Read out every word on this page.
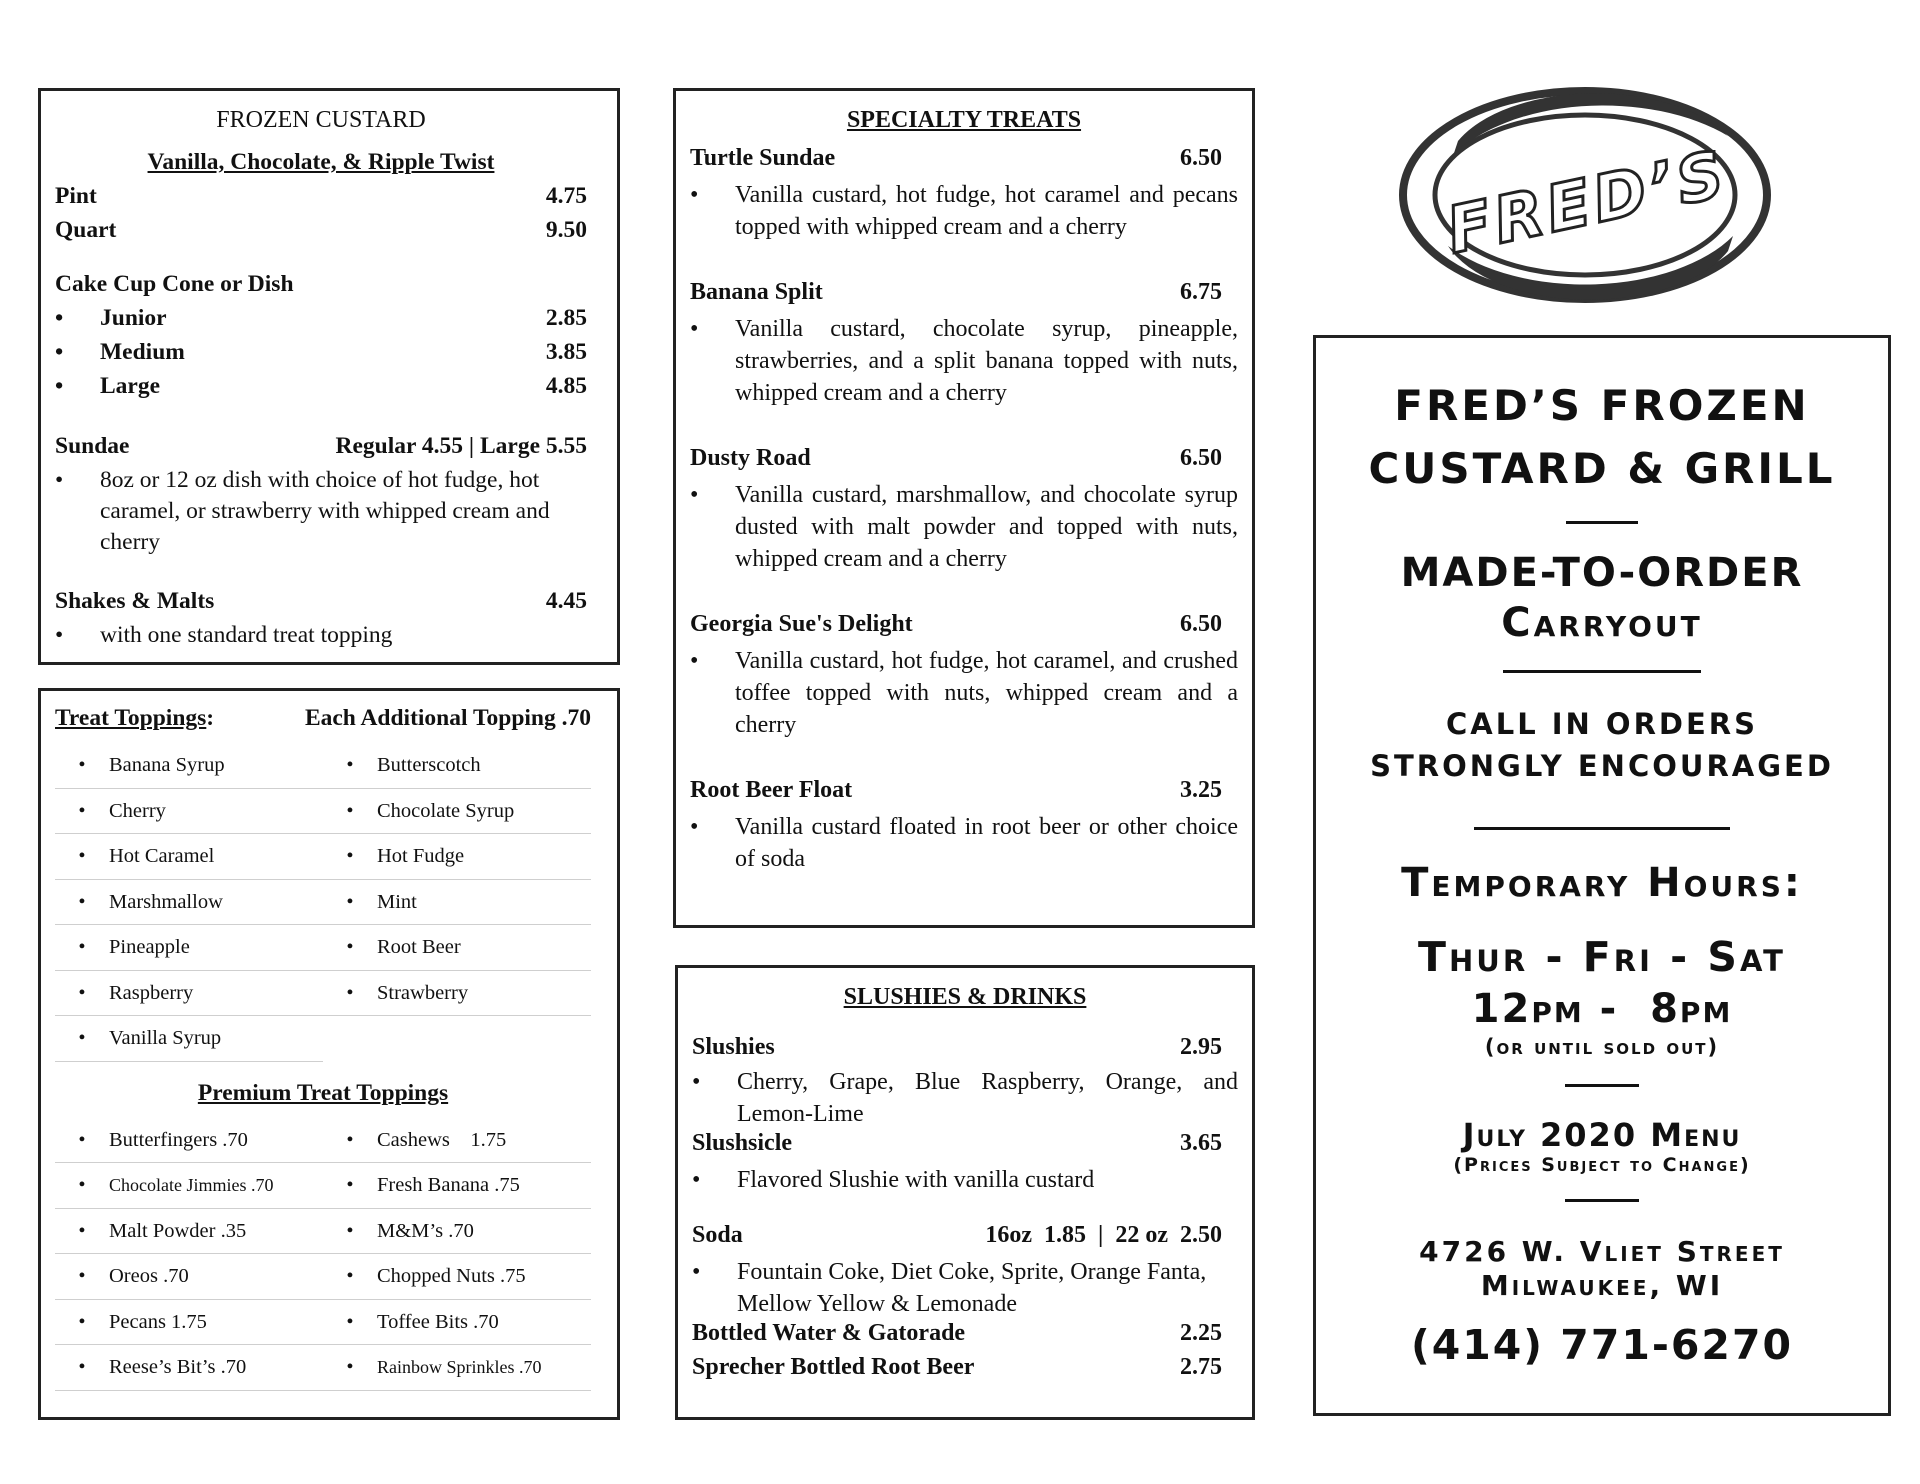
FROZEN CUSTARD
Vanilla, Chocolate, & Ripple Twist
Pint	4.75
Quart	9.50
Cake Cup Cone or Dish
•	Junior	2.85
•	Medium	3.85
•	Large	4.85
Sundae	Regular 4.55 | Large 5.55
•	8oz or 12 oz dish with choice of hot fudge, hot caramel, or strawberry with whipped cream and cherry
Shakes & Malts	4.45
•	with one standard treat topping
Treat Toppings:	Each Additional Topping .70
•	Banana Syrup	•	Butterscotch
•	Cherry	•	Chocolate Syrup
•	Hot Caramel	•	Hot Fudge
•	Marshmallow	•	Mint
•	Pineapple	•	Root Beer
•	Raspberry	•	Strawberry
•	Vanilla Syrup
Premium Treat Toppings
•	Butterfingers .70	•	Cashews    1.75
•	Chocolate Jimmies .70	•	Fresh Banana .75
•	Malt Powder .35	•	M&M’s .70
•	Oreos .70	•	Chopped Nuts .75
•	Pecans 1.75	•	Toffee Bits .70
•	Reese’s Bit’s .70	•	Rainbow Sprinkles .70
SPECIALTY TREATS
Turtle Sundae	6.50
•	Vanilla custard, hot fudge, hot caramel and pecans topped with whipped cream and a cherry
Banana Split	6.75
•	Vanilla custard, chocolate syrup, pineapple, strawberries, and a split banana topped with nuts, whipped cream and a cherry
Dusty Road	6.50
•	Vanilla custard, marshmallow, and chocolate syrup dusted with malt powder and topped with nuts, whipped cream and a cherry
Georgia Sue's Delight	6.50
•	Vanilla custard, hot fudge, hot caramel, and crushed toffee topped with nuts, whipped cream and a cherry
Root Beer Float	3.25
•	Vanilla custard floated in root beer or other choice of soda
SLUSHIES & DRINKS
Slushies	2.95
•	Cherry, Grape, Blue Raspberry, Orange, and Lemon-Lime
Slushsicle	3.65
•	Flavored Slushie with vanilla custard
Soda	16oz  1.85  |  22 oz  2.50
•	Fountain Coke, Diet Coke, Sprite, Orange Fanta, Mellow Yellow & Lemonade
Bottled Water & Gatorade	2.25
Sprecher Bottled Root Beer	2.75
FRED’S
FRED’S FROZEN
CUSTARD & GRILL
MADE-TO-ORDER
Carryout
CALL IN ORDERS
STRONGLY ENCOURAGED
Temporary Hours:
Thur - Fri - Sat
12pm -  8pm
(or until sold out)
July 2020 Menu
(Prices Subject to Change)
4726 W. Vliet Street
Milwaukee, WI
(414) 771-6270
